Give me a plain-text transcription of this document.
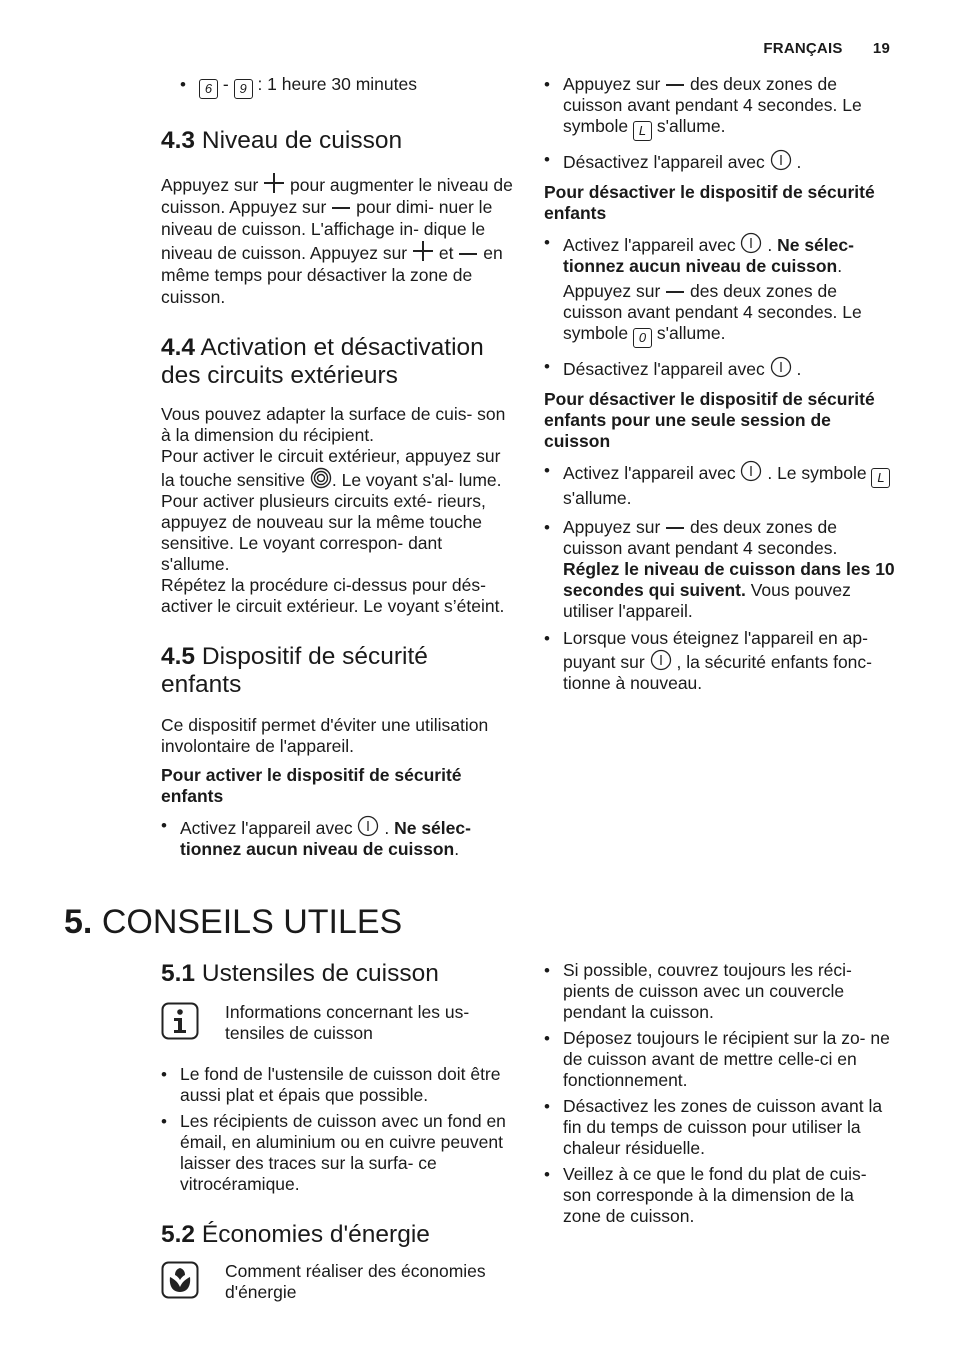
FRANÇAIS 19
• 6 - 9 : 1 heure 30 minutes
4.3 Niveau de cuisson

Appuyez sur pour augmenter le niveau de cuisson. Appuyez sur pour dimi- nuer le niveau de cuisson. L'affichage in- dique le niveau de cuisson. Appuyez sur et en même temps pour désactiver la zone de cuisson.

4.4 Activation et désactivation des circuits extérieurs

Vous pouvez adapter la surface de cuis- son à la dimension du récipient.

Pour activer le circuit extérieur, appuyez sur la touche sensitive . Le voyant s'al- lume. Pour activer plusieurs circuits exté- rieurs, appuyez de nouveau sur la même touche sensitive. Le voyant correspon- dant s'allume.

Répétez la procédure ci-dessus pour dés- activer le circuit extérieur. Le voyant s’éteint.

4.5 Dispositif de sécurité enfants

Ce dispositif permet d'éviter une utilisation involontaire de l'appareil.

Pour activer le dispositif de sécurité enfants

• Activez l'appareil avec . Ne sélec- tionnez aucun niveau de cuisson.
• Appuyez sur des deux zones de cuisson avant pendant 4 secondes. Le symbole L s'allume.
• Désactivez l'appareil avec .

Pour désactiver le dispositif de sécurité enfants

• Activez l'appareil avec . Ne sélec- tionnez aucun niveau de cuisson.
Appuyez sur des deux zones de cuisson avant pendant 4 secondes. Le symbole 0 s'allume.
• Désactivez l'appareil avec .

Pour désactiver le dispositif de sécurité enfants pour une seule session de cuisson

• Activez l'appareil avec . Le symbole L s'allume.
• Appuyez sur des deux zones de cuisson avant pendant 4 secondes. Réglez le niveau de cuisson dans les 10 secondes qui suivent. Vous pouvez utiliser l'appareil.
• Lorsque vous éteignez l'appareil en ap- puyant sur , la sécurité enfants fonc- tionne à nouveau.
5. CONSEILS UTILES
5.1 Ustensiles de cuisson

Informations concernant les us- tensiles de cuisson

• Le fond de l'ustensile de cuisson doit être aussi plat et épais que possible.
• Les récipients de cuisson avec un fond en émail, en aluminium ou en cuivre peuvent laisser des traces sur la surfa- ce vitrocéramique.
5.2 Économies d'énergie

Comment réaliser des économies d'énergie

• Si possible, couvrez toujours les réci- pients de cuisson avec un couvercle pendant la cuisson.
• Déposez toujours le récipient sur la zo- ne de cuisson avant de mettre celle-ci en fonctionnement.
• Désactivez les zones de cuisson avant la fin du temps de cuisson pour utiliser la chaleur résiduelle.
• Veillez à ce que le fond du plat de cuis- son corresponde à la dimension de la zone de cuisson.
